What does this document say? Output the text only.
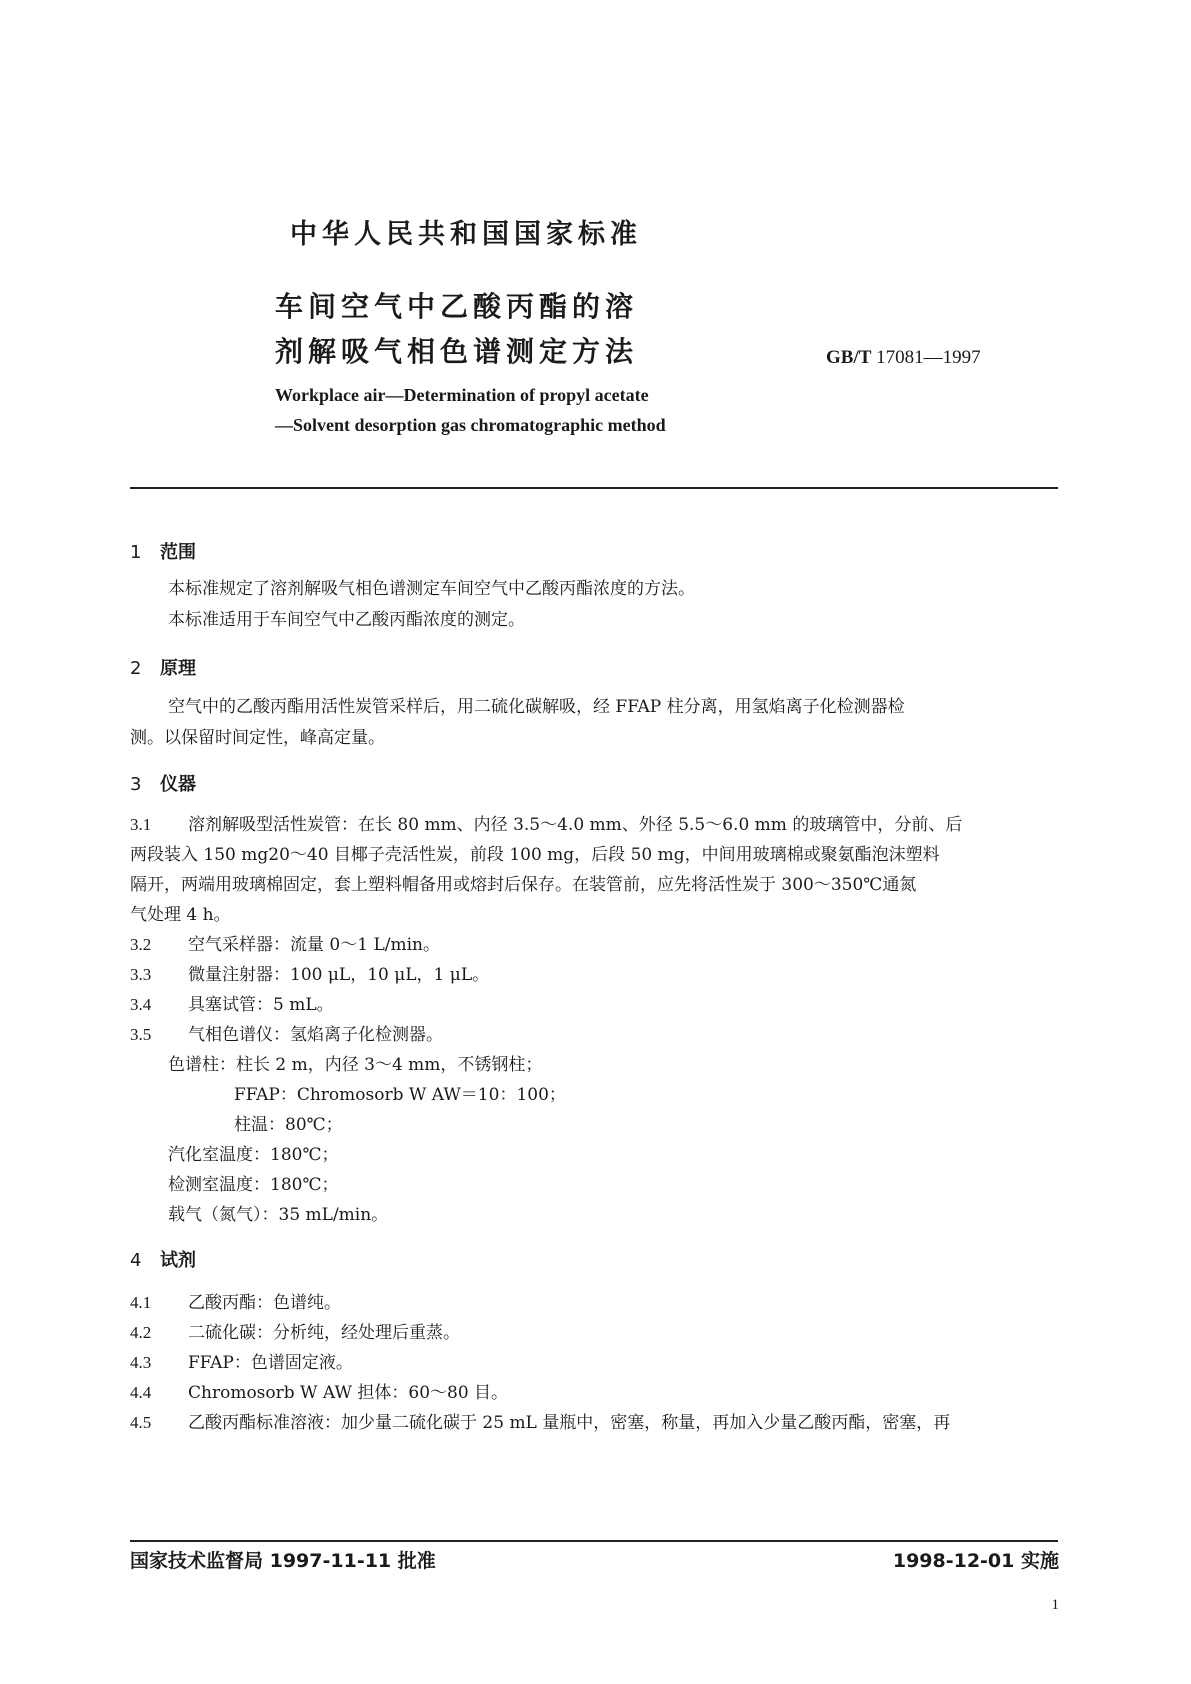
中华人民共和国国家标准
车间空气中乙酸丙酯的溶
剂解吸气相色谱测定方法	GB/T 17081—1997
Workplace air—Determination of propyl acetate
—Solvent desorption gas chromatographic method
1 范围
本标准规定了溶剂解吸气相色谱测定车间空气中乙酸丙酯浓度的方法。
本标准适用于车间空气中乙酸丙酯浓度的测定。
2 原理
空气中的乙酸丙酯用活性炭管采样后，用二硫化碳解吸，经 FFAP 柱分离，用氢焰离子化检测器检
测。以保留时间定性，峰高定量。
3 仪器
3.1 溶剂解吸型活性炭管：在长 80 mm、内径 3.5～4.0 mm、外径 5.5～6.0 mm 的玻璃管中，分前、后
两段装入 150 mg20～40 目椰子壳活性炭，前段 100 mg，后段 50 mg，中间用玻璃棉或聚氨酯泡沫塑料
隔开，两端用玻璃棉固定，套上塑料帽备用或熔封后保存。在装管前，应先将活性炭于 300～350℃通氮
气处理 4 h。
3.2 空气采样器：流量 0～1 L/min。
3.3 微量注射器：100 μL，10 μL，1 μL。
3.4 具塞试管：5 mL。
3.5 气相色谱仪：氢焰离子化检测器。
色谱柱：柱长 2 m，内径 3～4 mm，不锈钢柱；
FFAP：Chromosorb W AW＝10：100；
柱温：80℃；
汽化室温度：180℃；
检测室温度：180℃；
载气（氮气）：35 mL/min。
4 试剂
4.1 乙酸丙酯：色谱纯。
4.2 二硫化碳：分析纯，经处理后重蒸。
4.3 FFAP：色谱固定液。
4.4 Chromosorb W AW 担体：60～80 目。
4.5 乙酸丙酯标准溶液：加少量二硫化碳于 25 mL 量瓶中，密塞，称量，再加入少量乙酸丙酯，密塞，再
国家技术监督局 1997-11-11 批准	1998-12-01 实施
1
